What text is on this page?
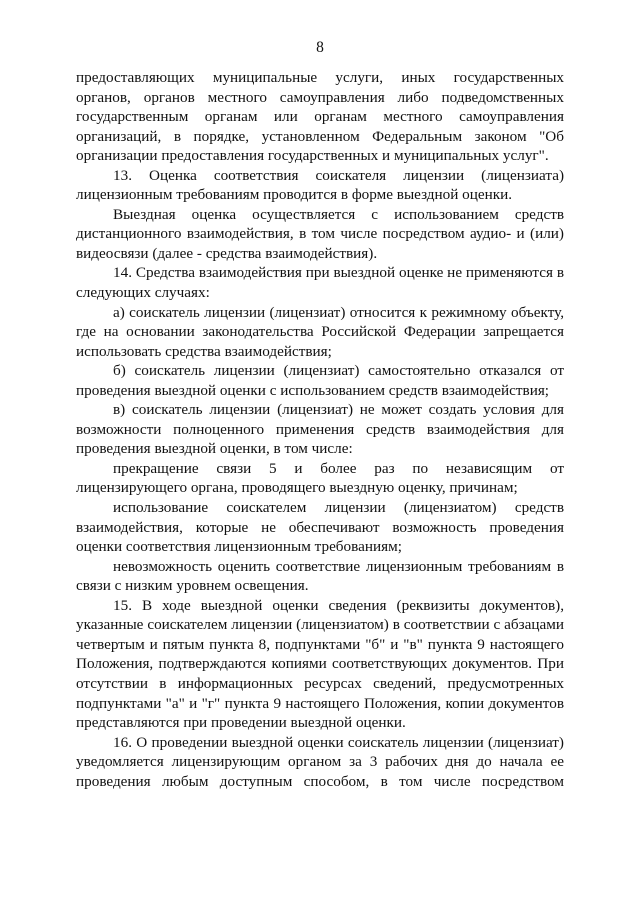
8

предоставляющих муниципальные услуги, иных государственных органов, органов местного самоуправления либо подведомственных государственным органам или органам местного самоуправления организаций, в порядке, установленном Федеральным законом "Об организации предоставления государственных и муниципальных услуг".

13. Оценка соответствия соискателя лицензии (лицензиата) лицензионным требованиям проводится в форме выездной оценки.

Выездная оценка осуществляется с использованием средств дистанционного взаимодействия, в том числе посредством аудио- и (или) видеосвязи (далее - средства взаимодействия).

14. Средства взаимодействия при выездной оценке не применяются в следующих случаях:

а) соискатель лицензии (лицензиат) относится к режимному объекту, где на основании законодательства Российской Федерации запрещается использовать средства взаимодействия;

б) соискатель лицензии (лицензиат) самостоятельно отказался от проведения выездной оценки с использованием средств взаимодействия;

в) соискатель лицензии (лицензиат) не может создать условия для возможности полноценного применения средств взаимодействия для проведения выездной оценки, в том числе:

прекращение связи 5 и более раз по независящим от лицензирующего органа, проводящего выездную оценку, причинам;

использование соискателем лицензии (лицензиатом) средств взаимодействия, которые не обеспечивают возможность проведения оценки соответствия лицензионным требованиям;

невозможность оценить соответствие лицензионным требованиям в связи с низким уровнем освещения.

15. В ходе выездной оценки сведения (реквизиты документов), указанные соискателем лицензии (лицензиатом) в соответствии с абзацами четвертым и пятым пункта 8, подпунктами "б" и "в" пункта 9 настоящего Положения, подтверждаются копиями соответствующих документов. При отсутствии в информационных ресурсах сведений, предусмотренных подпунктами "а" и "г" пункта 9 настоящего Положения, копии документов представляются при проведении выездной оценки.

16. О проведении выездной оценки соискатель лицензии (лицензиат) уведомляется лицензирующим органом за 3 рабочих дня до начала ее проведения любым доступным способом, в том числе посредством
